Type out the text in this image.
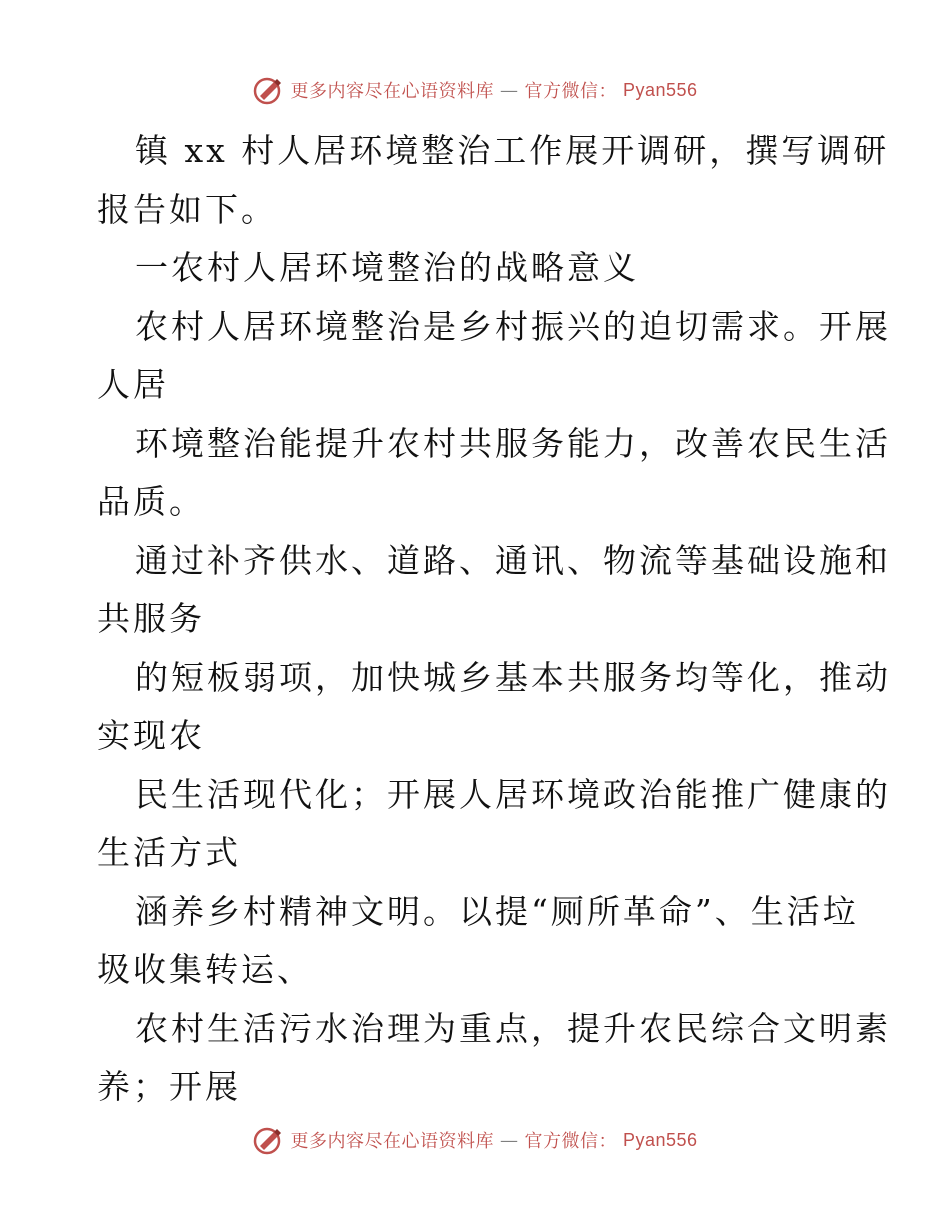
更多内容尽在心语资料库 — 官方微信： Pyan556
镇 xx 村人居环境整治工作展开调研，撰写调研
报告如下。
一农村人居环境整治的战略意义
农村人居环境整治是乡村振兴的迫切需求。开展
人居
环境整治能提升农村共服务能力，改善农民生活
品质。
通过补齐供水、道路、通讯、物流等基础设施和
共服务
的短板弱项，加快城乡基本共服务均等化，推动
实现农
民生活现代化；开展人居环境政治能推广健康的
生活方式
涵养乡村精神文明。以提“厕所革命”、生活垃
圾收集转运、
农村生活污水治理为重点，提升农民综合文明素
养；开展
更多内容尽在心语资料库 — 官方微信： Pyan556
